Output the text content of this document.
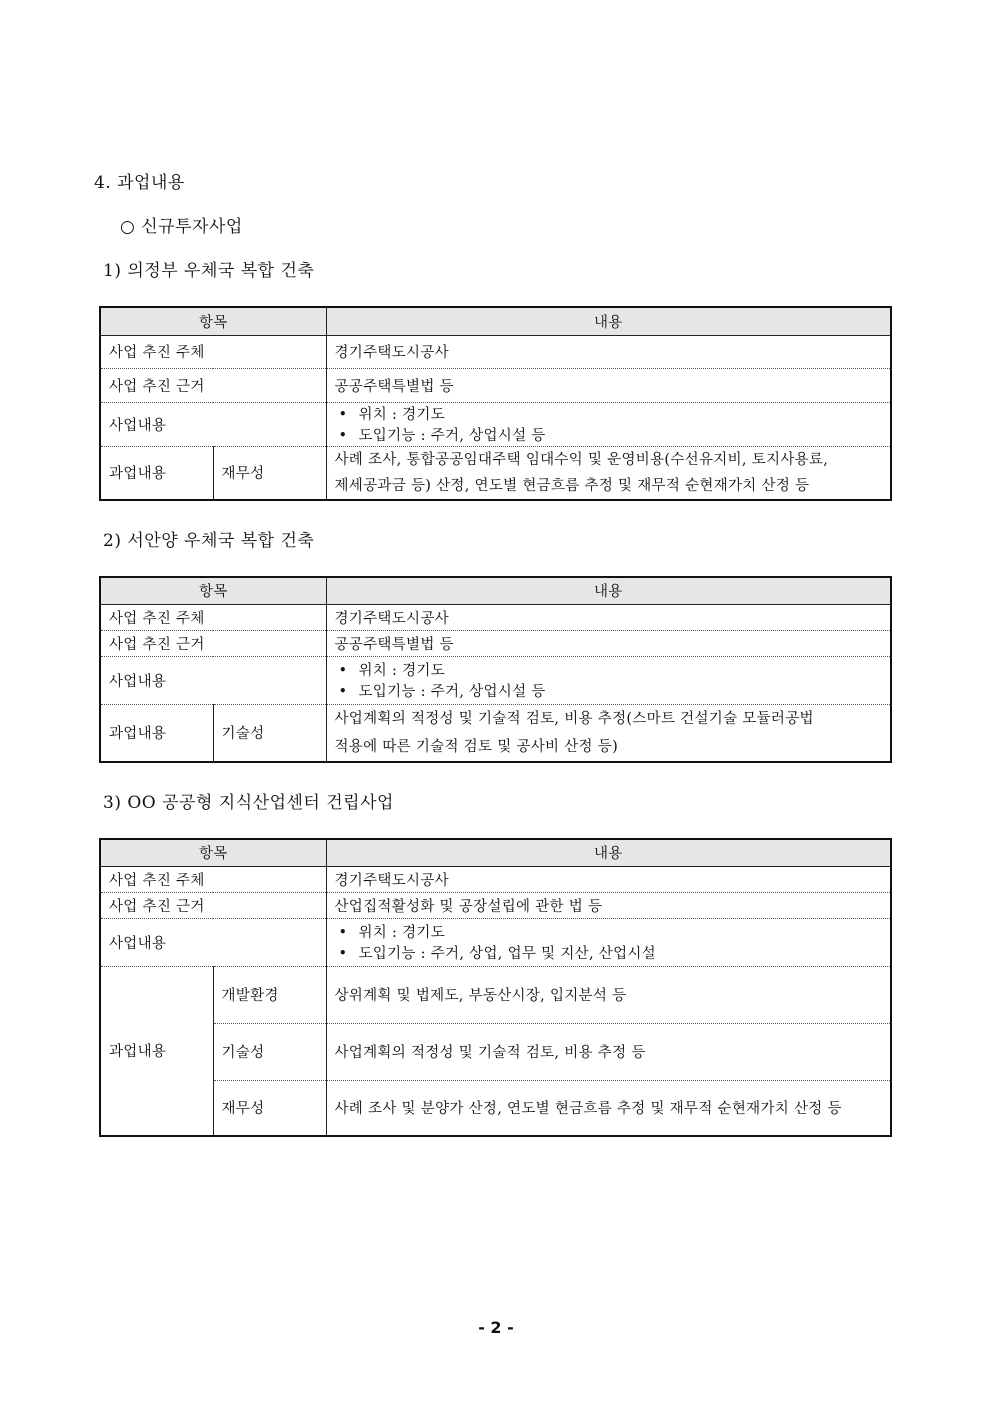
4. 과업내용
○ 신규투자사업
1) 의정부 우체국 복합 건축
항목		내용
사업 추진 주체		경기주택도시공사
사업 추진 근거		공공주택특별법 등
사업내용		• 위치 : 경기도
• 도입기능 : 주거, 상업시설 등

과업내용	재무성	사례 조사, 통합공공임대주택 임대수익 및 운영비용(수선유지비, 토지사용료,
제세공과금 등) 산정, 연도별 현금흐름 추정 및 재무적 순현재가치 산정 등
2) 서안양 우체국 복합 건축
항목		내용
사업 추진 주체		경기주택도시공사
사업 추진 근거		공공주택특별법 등
사업내용		• 위치 : 경기도
• 도입기능 : 주거, 상업시설 등

과업내용	기술성	사업계획의 적정성 및 기술적 검토, 비용 추정(스마트 건설기술 모듈러공법
적용에 따른 기술적 검토 및 공사비 산정 등)
3) OO 공공형 지식산업센터 건립사업
항목		내용
사업 추진 주체		경기주택도시공사
사업 추진 근거		산업집적활성화 및 공장설립에 관한 법 등
사업내용		• 위치 : 경기도
• 도입기능 : 주거, 상업, 업무 및 지산, 산업시설

과업내용	개발환경	상위계획 및 법제도, 부동산시장, 입지분석 등
	기술성	사업계획의 적정성 및 기술적 검토, 비용 추정 등
	재무성	사례 조사 및 분양가 산정, 연도별 현금흐름 추정 및 재무적 순현재가치 산정 등
- 2 -
